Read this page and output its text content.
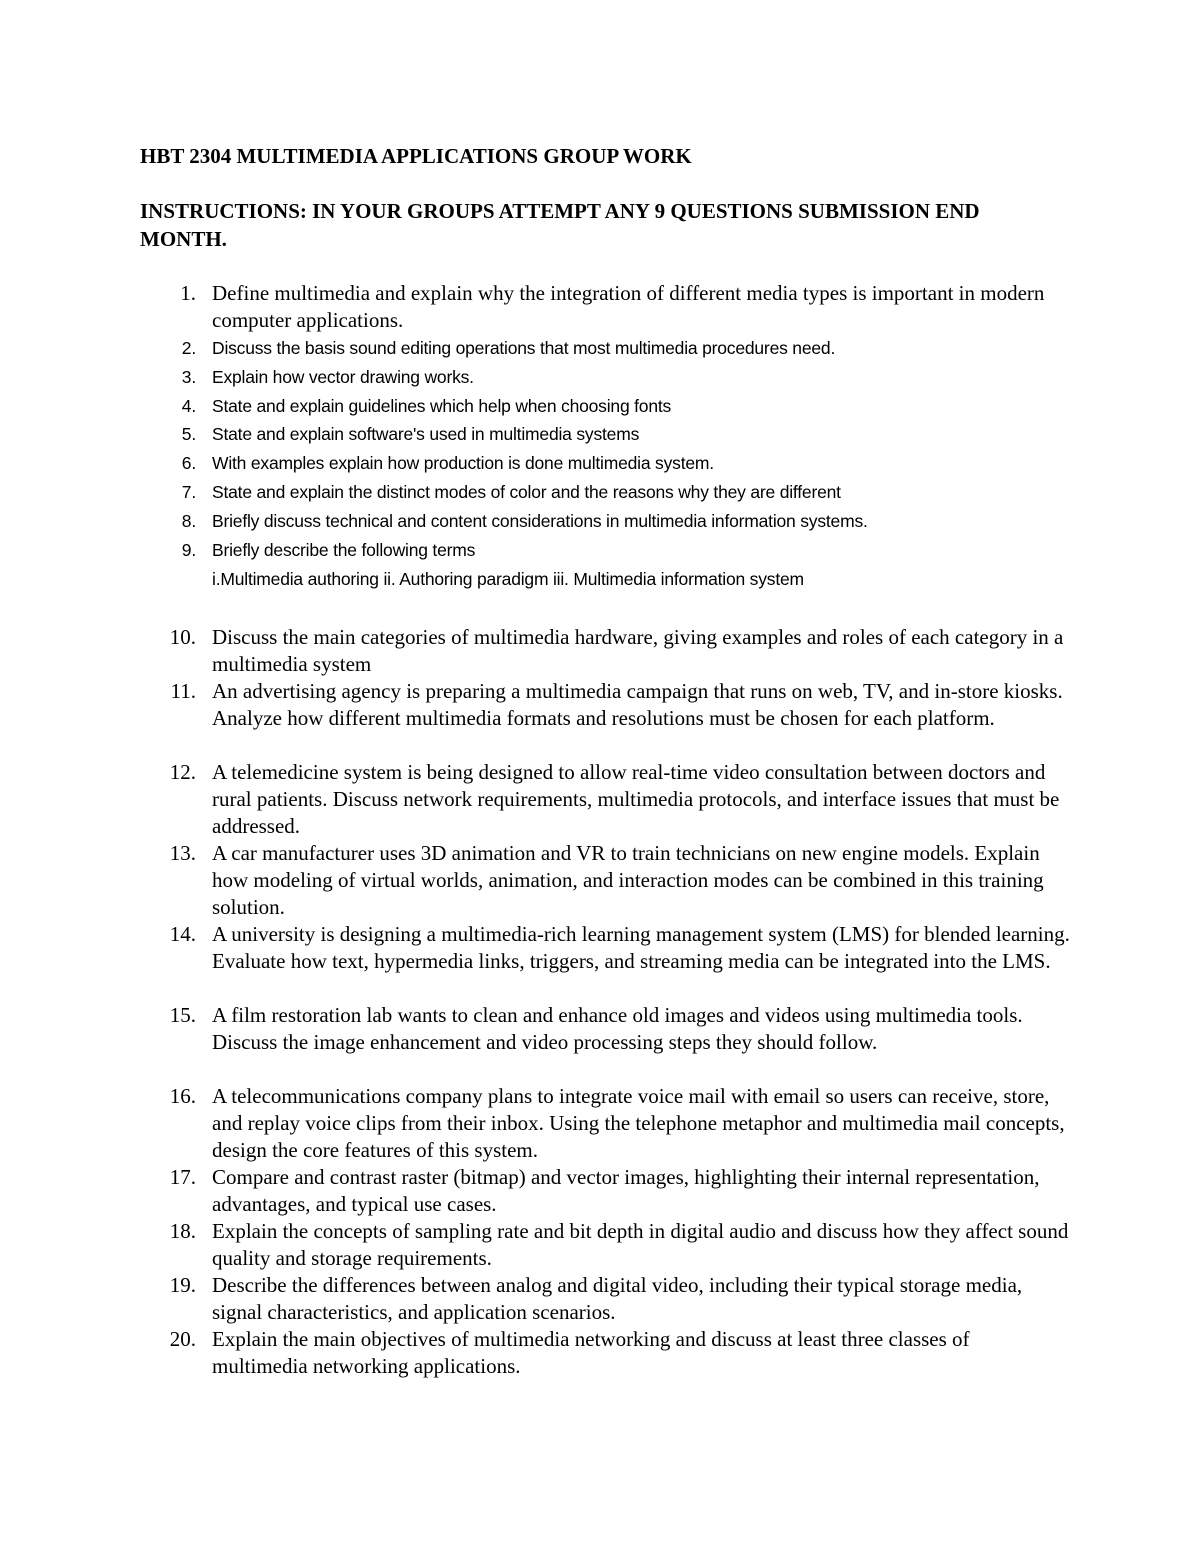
HBT 2304 MULTIMEDIA APPLICATIONS GROUP WORK

INSTRUCTIONS: IN YOUR GROUPS ATTEMPT ANY 9 QUESTIONS SUBMISSION END MONTH.

1. Define multimedia and explain why the integration of different media types is important in modern computer applications.
2. Discuss the basis sound editing operations that most multimedia procedures need.
3. Explain how vector drawing works.
4. State and explain guidelines which help when choosing fonts
5. State and explain software's used in multimedia systems
6. With examples explain how production is done multimedia system.
7. State and explain the distinct modes of color and the reasons why they are different
8. Briefly discuss technical and content considerations in multimedia information systems.
9. Briefly describe the following terms
i.Multimedia authoring ii. Authoring paradigm iii. Multimedia information system
10. Discuss the main categories of multimedia hardware, giving examples and roles of each category in a multimedia system
11. An advertising agency is preparing a multimedia campaign that runs on web, TV, and in-store kiosks. Analyze how different multimedia formats and resolutions must be chosen for each platform.
12. A telemedicine system is being designed to allow real-time video consultation between doctors and rural patients. Discuss network requirements, multimedia protocols, and interface issues that must be addressed.
13. A car manufacturer uses 3D animation and VR to train technicians on new engine models. Explain how modeling of virtual worlds, animation, and interaction modes can be combined in this training solution.
14. A university is designing a multimedia-rich learning management system (LMS) for blended learning. Evaluate how text, hypermedia links, triggers, and streaming media can be integrated into the LMS.
15. A film restoration lab wants to clean and enhance old images and videos using multimedia tools. Discuss the image enhancement and video processing steps they should follow.
16. A telecommunications company plans to integrate voice mail with email so users can receive, store, and replay voice clips from their inbox. Using the telephone metaphor and multimedia mail concepts, design the core features of this system.
17. Compare and contrast raster (bitmap) and vector images, highlighting their internal representation, advantages, and typical use cases.
18. Explain the concepts of sampling rate and bit depth in digital audio and discuss how they affect sound quality and storage requirements.
19. Describe the differences between analog and digital video, including their typical storage media, signal characteristics, and application scenarios.
20. Explain the main objectives of multimedia networking and discuss at least three classes of multimedia networking applications.
